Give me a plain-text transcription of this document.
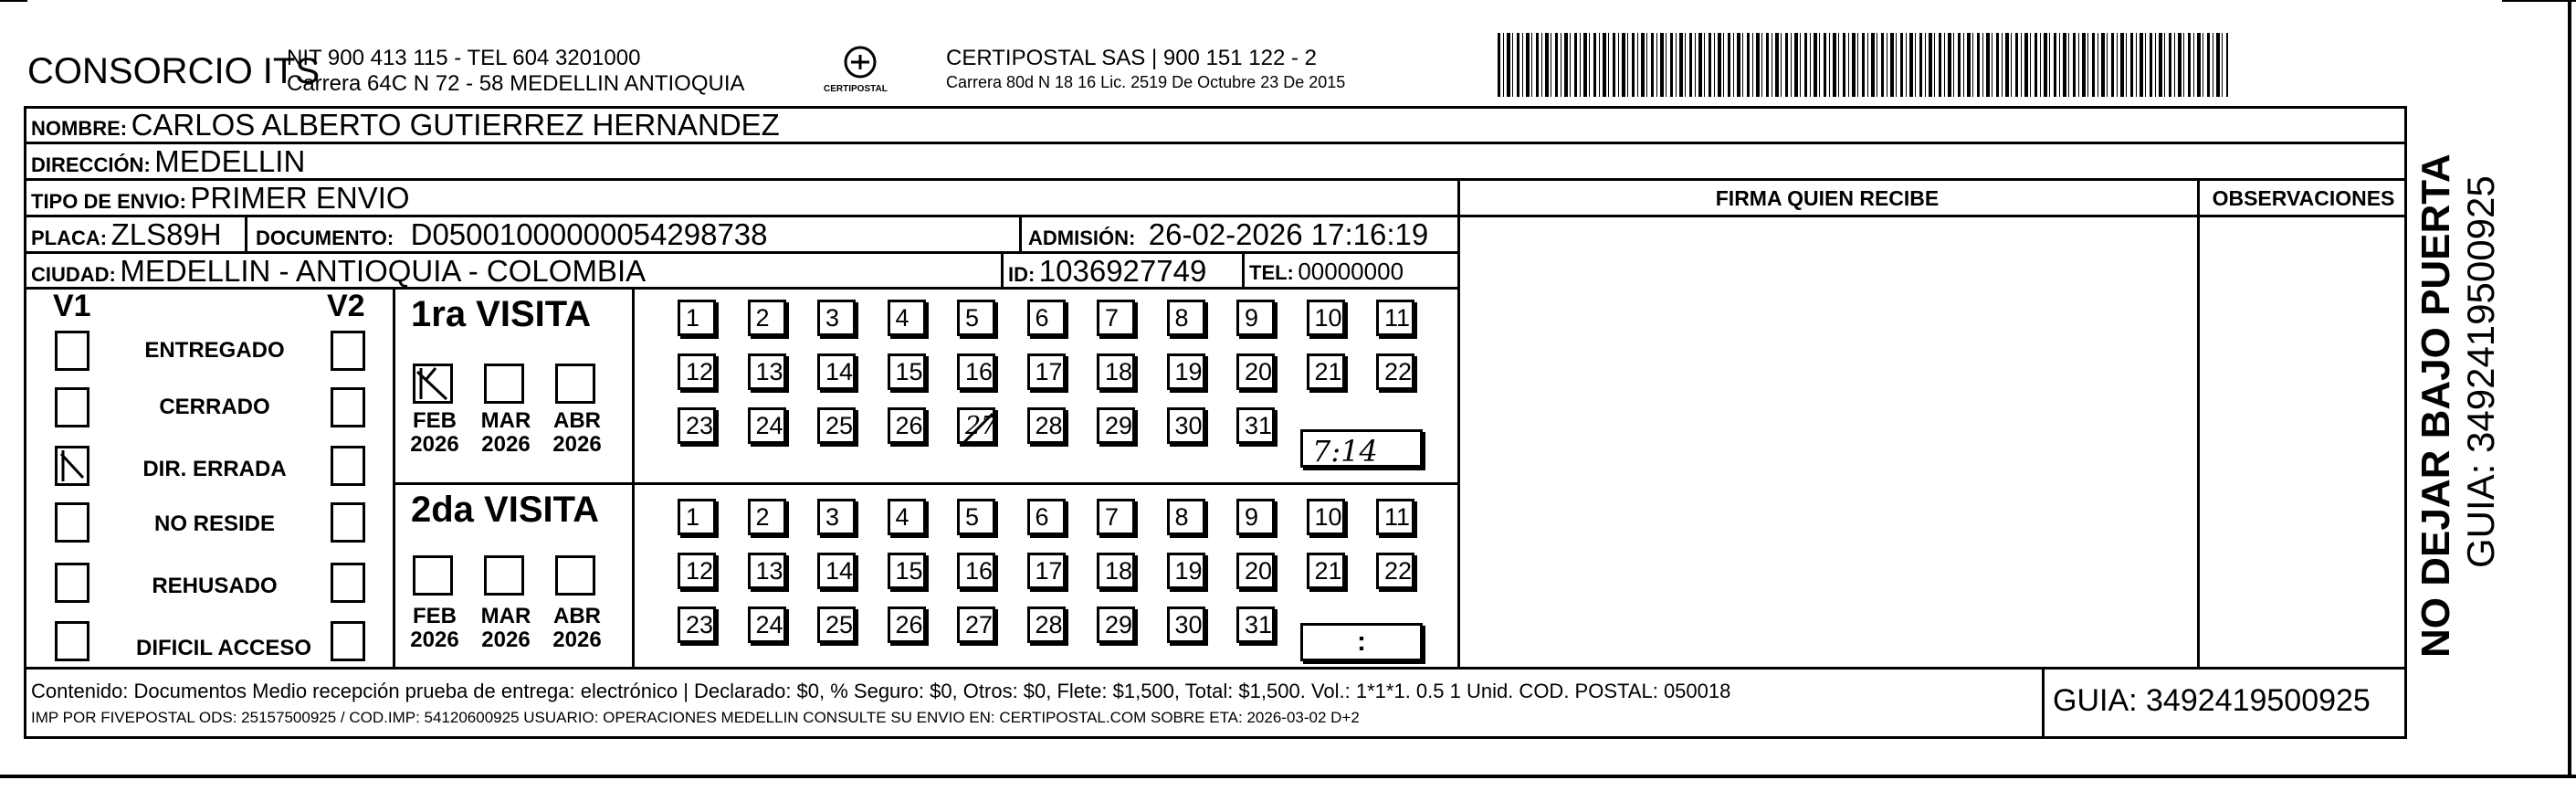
CONSORCIO ITS
NIT 900 413 115 - TEL 604 3201000
Carrera 64C N 72 - 58 MEDELLIN ANTIOQUIA	CERTIPOSTAL
CERTIPOSTAL SAS | 900 151 122 - 2
Carrera 80d N 18 16 Lic. 2519 De Octubre 23 De 2015
NOMBRE: CARLOS ALBERTO GUTIERREZ HERNANDEZ
DIRECCIÓN: MEDELLIN
TIPO DE ENVIO: PRIMER ENVIO	FIRMA QUIEN RECIBE	OBSERVACIONES
PLACA: ZLS89H DOCUMENTO: D05001000000054298738	ADMISIÓN: 26-02-2026 17:16:19
CIUDAD: MEDELLIN - ANTIOQUIA - COLOMBIA	ID: 1036927749 TEL: 00000000
V1	V2
ENTREGADO
CERRADO
DIR. ERRADA
NO RESIDE
REHUSADO
DIFICIL ACCESO
1ra VISITA
FEB
2026
MAR
2026
ABR
2026
1	2	3	4	5	6	7	8	9	10	11
12	13	14	15	16	17	18	19	20	21	22
23	24	25	26	27	28	29	30	31
7:14
2da VISITA
FEB
2026
MAR
2026
ABR
2026
1	2	3	4	5	6	7	8	9	10	11
12	13	14	15	16	17	18	19	20	21	22
23	24	25	26	27	28	29	30	31
:
Contenido: Documentos Medio recepción prueba de entrega: electrónico | Declarado: $0, % Seguro: $0, Otros: $0, Flete: $1,500, Total: $1,500. Vol.: 1*1*1. 0.5 1 Unid. COD. POSTAL: 050018
IMP POR FIVEPOSTAL ODS: 25157500925 / COD.IMP: 54120600925 USUARIO: OPERACIONES MEDELLIN CONSULTE SU ENVIO EN: CERTIPOSTAL.COM SOBRE ETA: 2026-03-02 D+2	GUIA: 3492419500925
NO DEJAR BAJO PUERTA GUIA: 3492419500925
